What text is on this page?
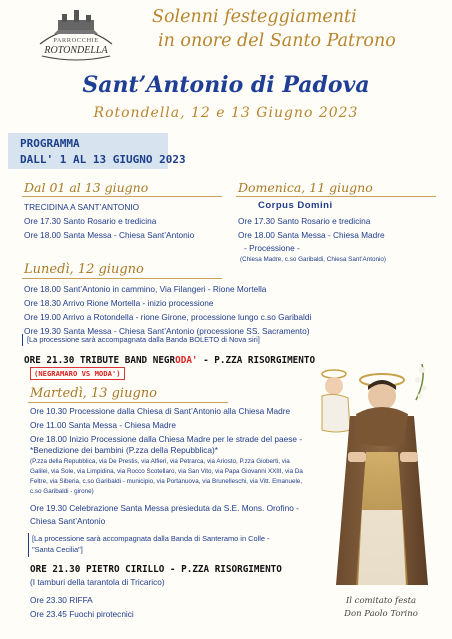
PARROCCHIE
ROTONDELLA
Solenni festeggiamenti
in onore del Santo Patrono
Sant’Antonio di Padova
Rotondella, 12 e 13 Giugno 2023
PROGRAMMA
DALL' 1 AL 13 GIUGNO 2023
Dal 01 al 13 giugno
TRECIDINA A SANT’ANTONIO
Ore 17.30 Santo Rosario e tredicina
Ore 18.00 Santa Messa - Chiesa Sant’Antonio
Domenica, 11 giugno
Corpus Domini
Ore 17.30 Santo Rosario e tredicina
Ore 18.00 Santa Messa - Chiesa Madre
- Processione -
(Chiesa Madre, c.so Garibaldi, Chiesa Sant’Antonio)
Lunedì, 12 giugno
Ore 18.00 Sant’Antonio in cammino, Via Filangeri - Rione Mortella
Ore 18.30 Arrivo Rione Mortella - inizio processione
Ore 19.00 Arrivo a Rotondella - rione Girone, processione lungo c.so Garibaldi
Ore 19.30 Santa Messa - Chiesa Sant’Antonio (processione SS. Sacramento)
[La processione sarà accompagnata dalla Banda BOLETO di Nova siri]
ORE 21.30 TRIBUTE BAND NEGRODA' - P.ZZA RISORGIMENTO
(NEGRAMARO VS MODA')
Martedì, 13 giugno
Ore 10.30 Processione dalla Chiesa di Sant’Antonio alla Chiesa Madre
Ore 11.00 Santa Messa - Chiesa Madre
Ore 18.00 Inizio Processione dalla Chiesa Madre per le strade del paese -
*Benedizione dei bambini (P.zza della Repubblica)*
(P.zza della Repubblica, via De Prestis, via Alfieri, via Petrarca, via Ariosto, P.zza Gioberti, via
Galilei, via Sole, via Limpidina, via Rocco Scotellaro, via San Vito, via Papa Giovanni XXIII, via Da
Feltre, via Siberia, c.so Garibaldi - municipio, via Portanuova, via Brunelleschi, via Vitt. Emanuele,
c.so Garibaldi - girone)
Ore 19.30 Celebrazione Santa Messa presieduta da S.E. Mons. Orofino -
Chiesa Sant’Antonio
[La processione sarà accompagnata dalla Banda di Santeramo in Colle -
"Santa Cecilia"]
ORE 21.30 PIETRO CIRILLO - P.ZZA RISORGIMENTO
(I tamburi della tarantola di Tricarico)
Ore 23.30 RIFFA
Ore 23.45 Fuochi pirotecnici
Il comitato festa
Don Paolo Torino
